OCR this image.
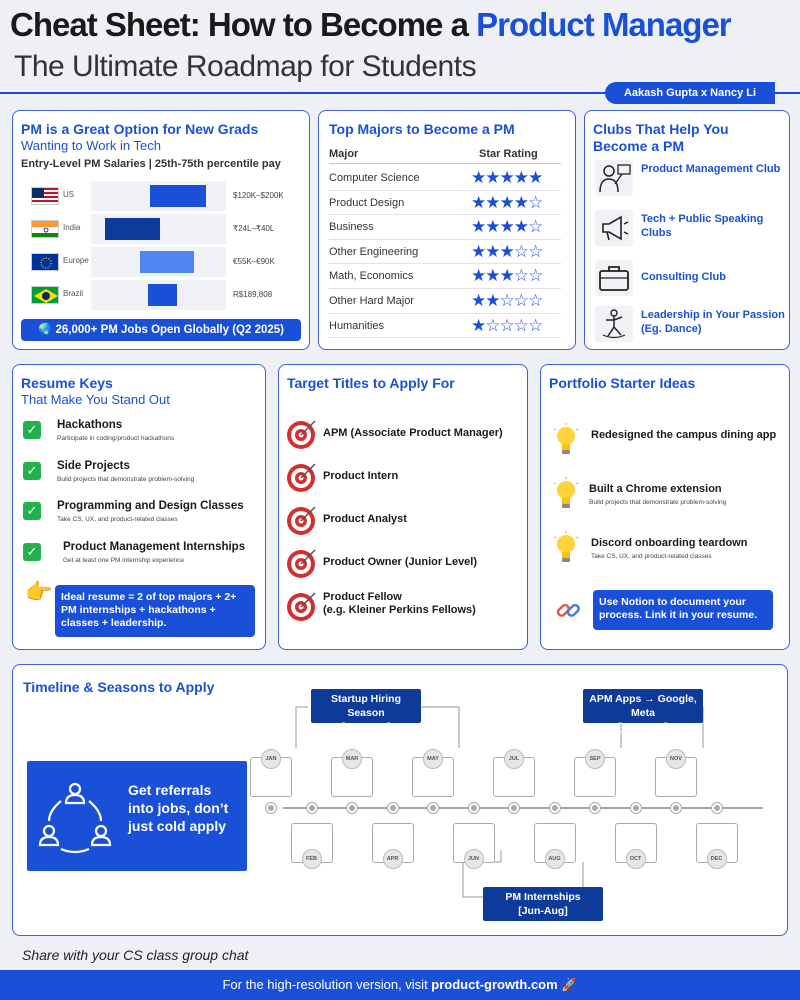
Cheat Sheet: How to Become a Product Manager
The Ultimate Roadmap for Students
Aakash Gupta x Nancy Li
PM is a Great Option for New Grads
Wanting to Work in Tech
Entry-Level PM Salaries | 25th-75th percentile pay
US	$120K–$200K
India	₹24L–₹40L
Europe	€55K–€90K
Brazil	R$189,808
🌏 26,000+ PM Jobs Open Globally (Q2 2025)
Top Majors to Become a PM
Major	Star Rating
Computer Science	★★★★★
Product Design	★★★★☆
Business	★★★★☆
Other Engineering	★★★☆☆
Math, Economics	★★★☆☆
Other Hard Major	★★☆☆☆
Humanities	★☆☆☆☆
Clubs That Help You
Become a PM
Product Management Club
Tech + Public Speaking Clubs
Consulting Club
Leadership in Your Passion (Eg. Dance)
Resume Keys
That Make You Stand Out
✓	Hackathons
Participate in coding/product hackathons
✓	Side Projects
Build projects that demonstrate problem-solving
✓	Programming and Design Classes
Take CS, UX, and product-related classes
✓	Product Management Internships
Get at least one PM internship experience
👉 Ideal resume = 2 of top majors + 2+ PM internships + hackathons + classes + leadership.
Target Titles to Apply For
APM (Associate Product Manager)
Product Intern
Product Analyst
Product Owner (Junior Level)
Product Fellow
(e.g. Kleiner Perkins Fellows)
Portfolio Starter Ideas
Redesigned the campus dining app
Built a Chrome extension
Build projects that demonstrate problem-solving
Discord onboarding teardown
Take CS, UX, and product-related classes
Use Notion to document your process. Link it in your resume.
Timeline & Seasons to Apply
Get referrals into jobs, don’t just cold apply
JAN
FEB
MAR
APR
MAY
JUN
JUL
AUG
SEP
OCT
NOV
DEC
Startup Hiring Season
[Jan-May]
APM Apps → Google, Meta
[Sep-Nov]
PM Internships
[Jun-Aug]
Share with your CS class group chat
For the high-resolution version, visit product-growth.com 🚀
